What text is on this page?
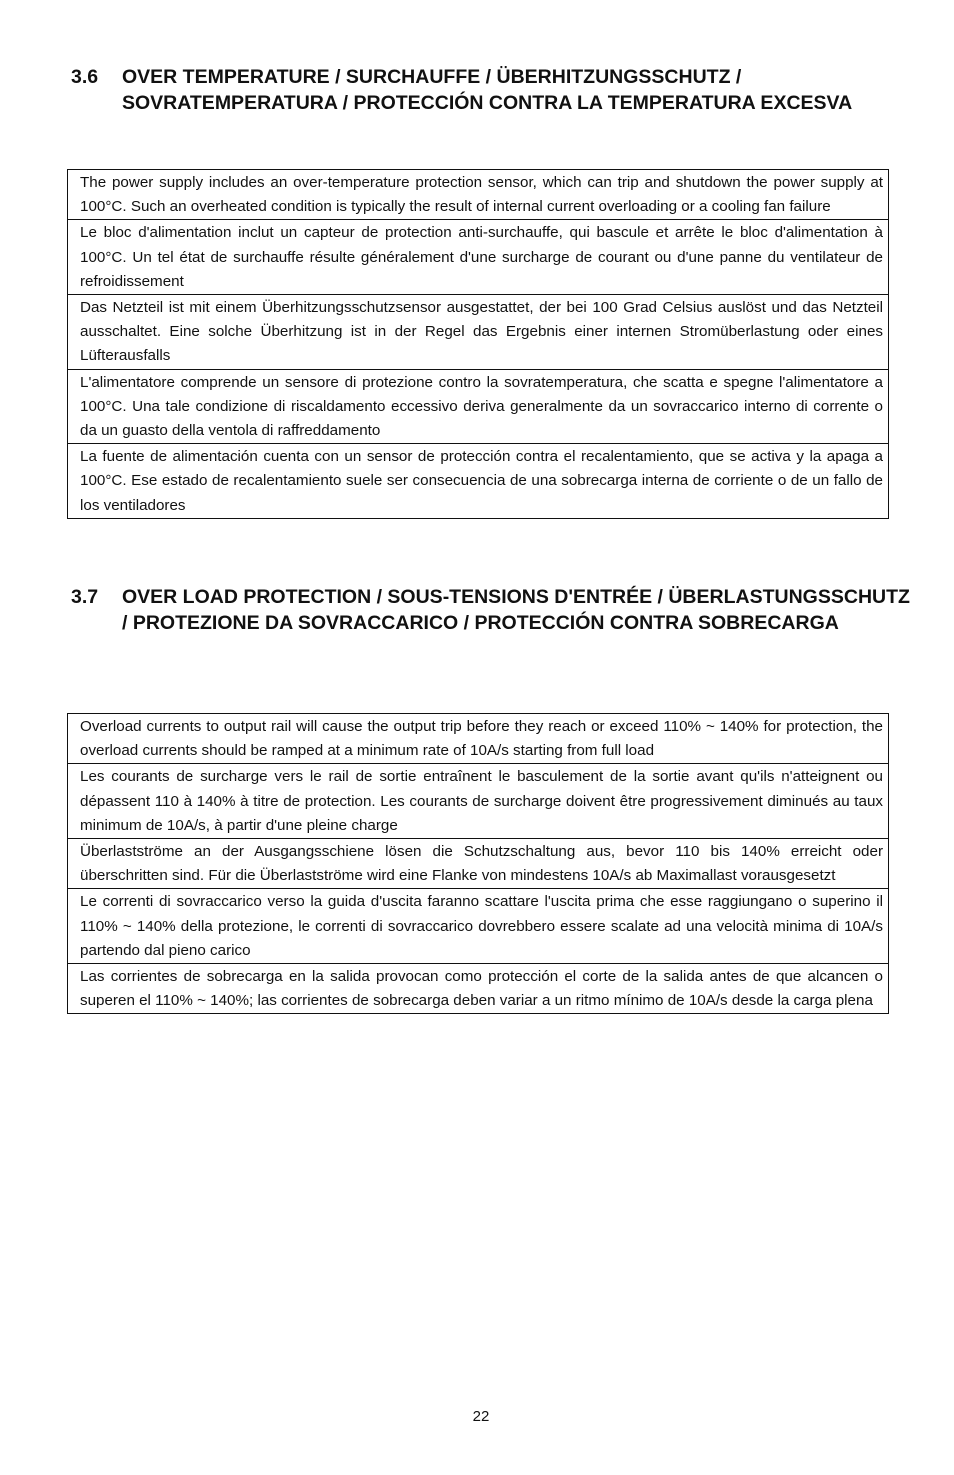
3.6	OVER TEMPERATURE / SURCHAUFFE / ÜBERHITZUNGSSCHUTZ / SOVRATEMPERATURA / PROTECCIÓN CONTRA LA TEMPERATURA EXCESVA
The power supply includes an over-temperature protection sensor, which can trip and shutdown the power supply at 100°C. Such an overheated condition is typically the result of internal current overloading or a cooling fan failure

Le bloc d'alimentation inclut un capteur de protection anti-surchauffe, qui bascule et arrête le bloc d'alimentation à 100°C. Un tel état de surchauffe résulte généralement d'une surcharge de courant ou d'une panne du ventilateur de refroidissement

Das Netzteil ist mit einem Überhitzungsschutzsensor ausgestattet, der bei 100 Grad Celsius auslöst und das Netzteil ausschaltet. Eine solche Überhitzung ist in der Regel das Ergebnis einer internen Stromüberlastung oder eines Lüfterausfalls

L'alimentatore comprende un sensore di protezione contro la sovratemperatura, che scatta e spegne l'alimentatore a 100°C. Una tale condizione di riscaldamento eccessivo deriva generalmente da un sovraccarico interno di corrente o da un guasto della ventola di raffreddamento

La fuente de alimentación cuenta con un sensor de protección contra el recalentamiento, que se activa y la apaga a 100°C. Ese estado de recalentamiento suele ser consecuencia de una sobrecarga interna de corriente o de un fallo de los ventiladores
3.7	OVER LOAD PROTECTION / SOUS-TENSIONS D'ENTRÉE / ÜBERLASTUNGSSCHUTZ / PROTEZIONE DA SOVRACCARICO / PROTECCIÓN CONTRA SOBRECARGA
Overload currents to output rail will cause the output trip before they reach or exceed 110% ~ 140% for protection, the overload currents should be ramped at a minimum rate of 10A/s starting from full load

Les courants de surcharge vers le rail de sortie entraînent le basculement de la sortie avant qu'ils n'atteignent ou dépassent 110 à 140% à titre de protection. Les courants de surcharge doivent être progressivement diminués au taux minimum de 10A/s, à partir d'une pleine charge

Überlastströme an der Ausgangsschiene lösen die Schutzschaltung aus, bevor 110 bis 140% erreicht oder überschritten sind. Für die Überlastströme wird eine Flanke von mindestens 10A/s ab Maximallast vorausgesetzt

Le correnti di sovraccarico verso la guida d'uscita faranno scattare l'uscita prima che esse raggiungano o superino il 110% ~ 140% della protezione, le correnti di sovraccarico dovrebbero essere scalate ad una velocità minima di 10A/s partendo dal pieno carico

Las corrientes de sobrecarga en la salida provocan como protección el corte de la salida antes de que alcancen o superen el 110% ~ 140%; las corrientes de sobrecarga deben variar a un ritmo mínimo de 10A/s desde la carga plena
22
